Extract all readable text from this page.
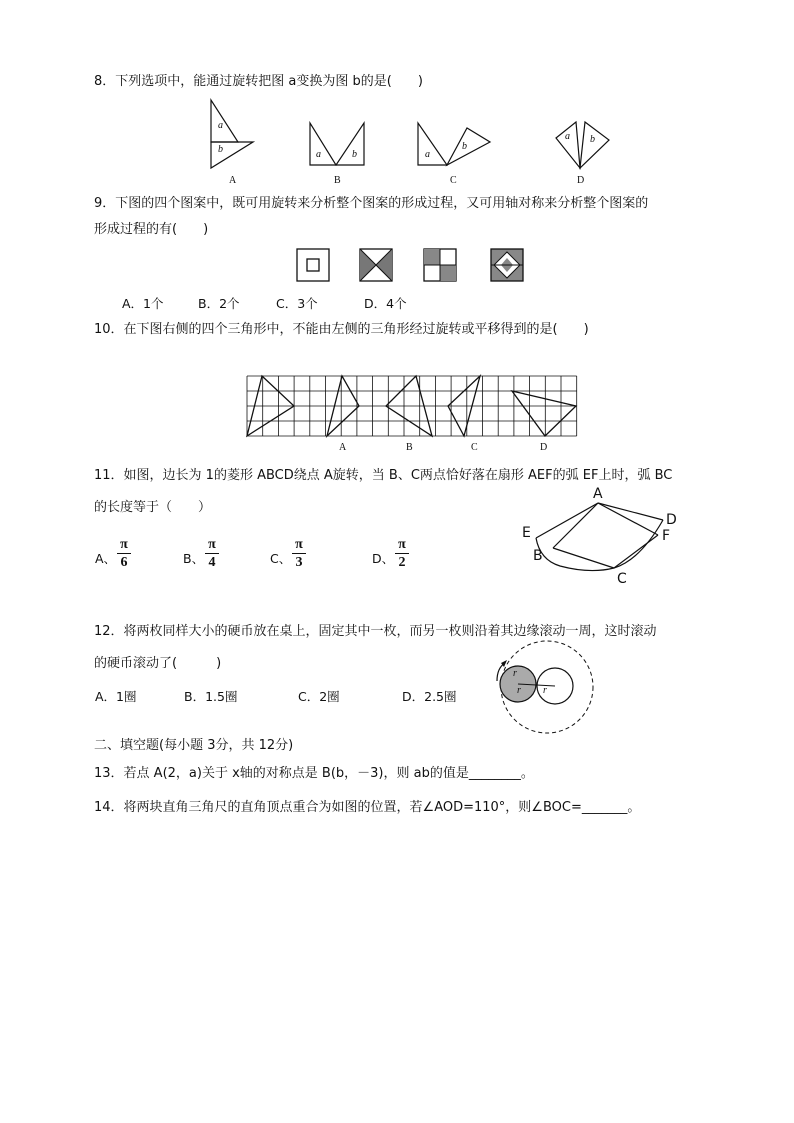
8．下列选项中，能通过旋转把图 a变换为图 b的是(　　)
a
b	a	b	a
b
a b
A	B	C	D
9．下图的四个图案中，既可用旋转来分析整个图案的形成过程，又可用轴对称来分析整个图案的
形成过程的有(　　)
A．1个	B．2个	C．3个	D．4个
10．在下图右侧的四个三角形中，不能由左侧的三角形经过旋转或平移得到的是(　　)
A	B	C	D
11．如图，边长为 1的菱形 ABCD绕点 A旋转，当 B、C两点恰好落在扇形 AEF的弧 EF上时，弧 BC
的长度等于（　　）
A、
π
6	B、
π
4	C、
π
3	D、
π
2
A
D
E	F
B
C
12．将两枚同样大小的硬币放在桌上，固定其中一枚，而另一枚则沿着其边缘滚动一周，这时滚动
的硬币滚动了(　　　)
A．1圈	B．1.5圈	C．2圈	D．2.5圈
r
r r
二、填空题(每小题 3分，共 12分)
13．若点 A(2，a)关于 x轴的对称点是 B(b，－3)，则 ab的值是________。
14．将两块直角三角尺的直角顶点重合为如图的位置，若∠AOD=110°，则∠BOC=_______。
